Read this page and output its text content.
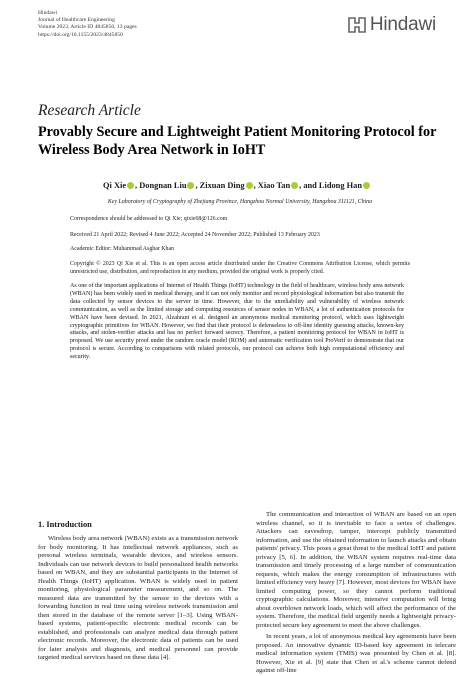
Hindawi
Journal of Healthcare Engineering
Volume 2023, Article ID 4845850, 13 pages
https://doi.org/10.1155/2023/4845850	Hindawi
Research Article
Provably Secure and Lightweight Patient Monitoring Protocol for Wireless Body Area Network in IoHT
Qi Xie , Dongnan Liu , Zixuan Ding , Xiao Tan , and Lidong Han
Key Laboratory of Cryptography of Zhejiang Province, Hangzhou Normal University, Hangzhou 311121, China
Correspondence should be addressed to Qi Xie; qixie68@126.com
Received 21 April 2022; Revised 4 June 2022; Accepted 24 November 2022; Published 13 February 2023
Academic Editor: Muhammad Asghar Khan
Copyright © 2023 Qi Xie et al. This is an open access article distributed under the Creative Commons Attribution License, which permits unrestricted use, distribution, and reproduction in any medium, provided the original work is properly cited.
As one of the important applications of Internet of Health Things (IoHT) technology in the field of healthcare, wireless body area network (WBAN) has been widely used in medical therapy, and it can not only monitor and record physiological information but also transmit the data collected by sensor devices to the server in time. However, due to the unreliability and vulnerability of wireless network communication, as well as the limited storage and computing resources of sensor nodes in WBAN, a lot of authentication protocols for WBAN have been devised. In 2021, Alzahrani et al. designed an anonymous medical monitoring protocol, which uses lightweight cryptographic primitives for WBAN. However, we find that their protocol is defenseless to off-line identity guessing attacks, known-key attacks, and stolen-verifier attacks and has no perfect forward secrecy. Therefore, a patient monitoring protocol for WBAN in IoHT is proposed. We use security proof under the random oracle model (ROM) and automatic verification tool ProVerif to demonstrate that our protocol is secure. According to comparisons with related protocols, our protocol can achieve both high computational efficiency and security.
1. Introduction
Wireless body area network (WBAN) exists as a transmission network for body monitoring. It has intellectual network appliances, such as personal wireless terminals, wearable devices, and wireless sensors. Individuals can use network devices to build personalized health networks based on WBAN, and they are substantial participants in the Internet of Health Things (IoHT) application. WBAN is widely used in patient monitoring, physiological parameter measurement, and so on. The measured data are transmitted by the sensor to the devices with a forwarding function in real time using wireless network transmission and then stored in the database of the remote server [1–3]. Using WBAN-based systems, patient-specific electronic medical records can be established, and professionals can analyze medical data through patient electronic records. Moreover, the electronic data of patients can be used for later analysis and diagnosis, and medical personnel can provide targeted medical services based on these data [4].
The communication and interaction of WBAN are based on an open wireless channel, so it is inevitable to face a series of challenges. Attackers can eavesdrop, tamper, intercept publicly transmitted information, and use the obtained information to launch attacks and obtain patients' privacy. This poses a great threat to the medical IoHT and patient privacy [5, 6]. In addition, the WBAN system requires real-time data transmission and timely processing of a large number of communication requests, which makes the energy consumption of infrastructures with limited efficiency very heavy [7]. However, most devices for WBAN have limited computing power, so they cannot perform traditional cryptographic calculations. Moreover, intensive computation will bring about overblown network loads, which will affect the performance of the system. Therefore, the medical field urgently needs a lightweight privacy-protected secure key agreement to meet the above challenges.
In recent years, a lot of anonymous medical key agreements have been proposed. An innovative dynamic ID-based key agreement in telecare medical information system (TMIS) was presented by Chen et al. [8]. However, Xie et al. [9] state that Chen et al.'s scheme cannot defend against off-line
